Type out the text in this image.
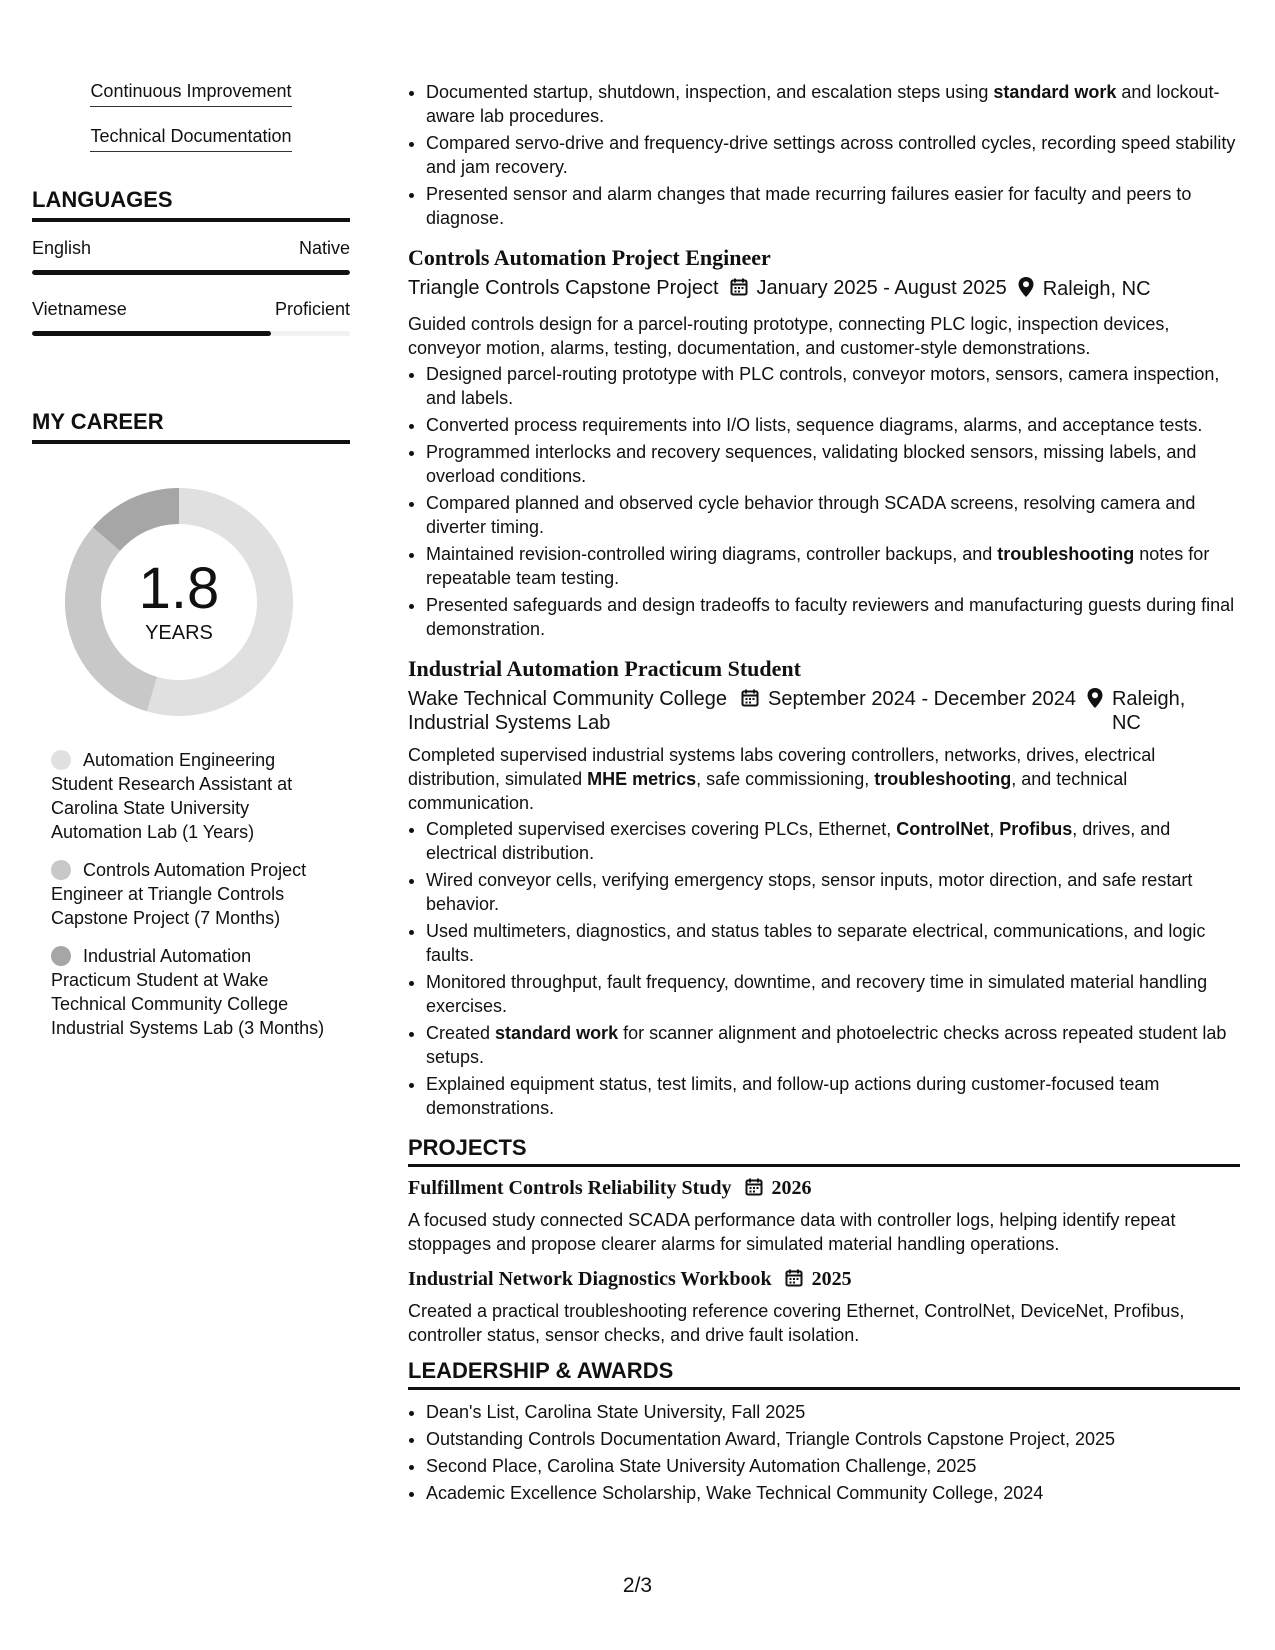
Continuous Improvement
Technical Documentation
LANGUAGES
English	Native
Vietnamese	Proficient
MY CAREER
1.8
YEARS
Automation Engineering Student Research Assistant at Carolina State University Automation Lab (1 Years)
Controls Automation Project Engineer at Triangle Controls Capstone Project (7 Months)
Industrial Automation Practicum Student at Wake Technical Community College Industrial Systems Lab (3 Months)
• Documented startup, shutdown, inspection, and escalation steps using standard work and lockout-aware lab procedures.
• Compared servo-drive and frequency-drive settings across controlled cycles, recording speed stability and jam recovery.
• Presented sensor and alarm changes that made recurring failures easier for faculty and peers to diagnose.
Controls Automation Project Engineer
Triangle Controls Capstone Project	January 2025 - August 2025	Raleigh, NC
Guided controls design for a parcel-routing prototype, connecting PLC logic, inspection devices, conveyor motion, alarms, testing, documentation, and customer-style demonstrations.
• Designed parcel-routing prototype with PLC controls, conveyor motors, sensors, camera inspection, and labels.
• Converted process requirements into I/O lists, sequence diagrams, alarms, and acceptance tests.
• Programmed interlocks and recovery sequences, validating blocked sensors, missing labels, and overload conditions.
• Compared planned and observed cycle behavior through SCADA screens, resolving camera and diverter timing.
• Maintained revision-controlled wiring diagrams, controller backups, and troubleshooting notes for repeatable team testing.
• Presented safeguards and design tradeoffs to faculty reviewers and manufacturing guests during final demonstration.
Industrial Automation Practicum Student
Wake Technical Community College Industrial Systems Lab
September 2024 - December 2024	Raleigh, NC
Completed supervised industrial systems labs covering controllers, networks, drives, electrical distribution, simulated MHE metrics, safe commissioning, troubleshooting, and technical communication.
• Completed supervised exercises covering PLCs, Ethernet, ControlNet, Profibus, drives, and electrical distribution.
• Wired conveyor cells, verifying emergency stops, sensor inputs, motor direction, and safe restart behavior.
• Used multimeters, diagnostics, and status tables to separate electrical, communications, and logic faults.
• Monitored throughput, fault frequency, downtime, and recovery time in simulated material handling exercises.
• Created standard work for scanner alignment and photoelectric checks across repeated student lab setups.
• Explained equipment status, test limits, and follow-up actions during customer-focused team demonstrations.
PROJECTS
Fulfillment Controls Reliability Study 2026
A focused study connected SCADA performance data with controller logs, helping identify repeat stoppages and propose clearer alarms for simulated material handling operations.
Industrial Network Diagnostics Workbook 2025
Created a practical troubleshooting reference covering Ethernet, ControlNet, DeviceNet, Profibus, controller status, sensor checks, and drive fault isolation.
LEADERSHIP & AWARDS
• Dean's List, Carolina State University, Fall 2025
• Outstanding Controls Documentation Award, Triangle Controls Capstone Project, 2025
• Second Place, Carolina State University Automation Challenge, 2025
• Academic Excellence Scholarship, Wake Technical Community College, 2024
2/3
